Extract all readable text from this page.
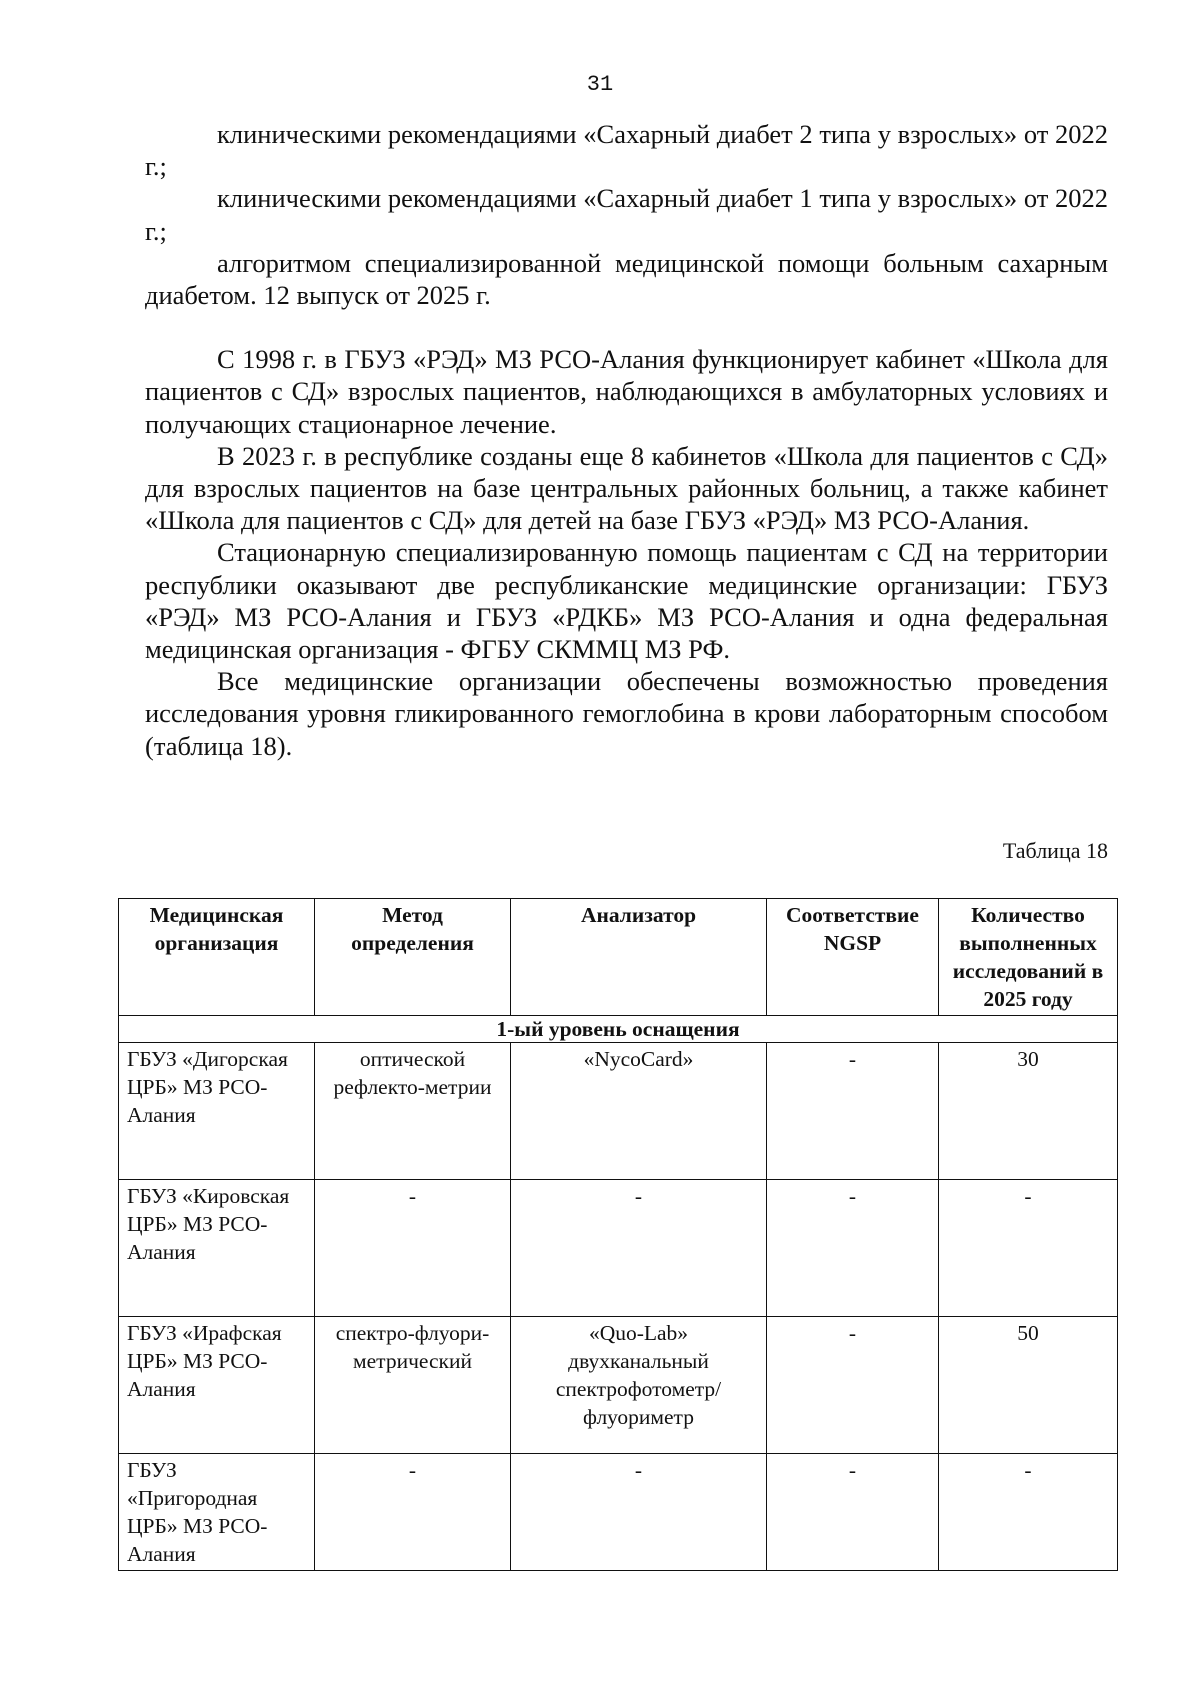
31

клиническими рекомендациями «Сахарный диабет 2 типа у взрослых» от 2022 г.;

клиническими рекомендациями «Сахарный диабет 1 типа у взрослых» от 2022 г.;

алгоритмом специализированной медицинской помощи больным сахарным диабетом. 12 выпуск от 2025 г.

С 1998 г. в ГБУЗ «РЭД» МЗ РСО-Алания функционирует кабинет «Школа для пациентов с СД» взрослых пациентов, наблюдающихся в амбулаторных условиях и получающих стационарное лечение.

В 2023 г. в республике созданы еще 8 кабинетов «Школа для пациентов с СД» для взрослых пациентов на базе центральных районных больниц, а также кабинет «Школа для пациентов с СД» для детей на базе ГБУЗ «РЭД» МЗ РСО-Алания.

Стационарную специализированную помощь пациентам с СД на территории республики оказывают две республиканские медицинские организации: ГБУЗ «РЭД» МЗ РСО-Алания и ГБУЗ «РДКБ» МЗ РСО-Алания и одна федеральная медицинская организация - ФГБУ СКММЦ МЗ РФ.

Все медицинские организации обеспечены возможностью проведения исследования уровня гликированного гемоглобина в крови лабораторным способом (таблица 18).

Таблица 18
Медицинская организация	Метод определения	Анализатор	Соответствие NGSP	Количество выполненных исследований в 2025 году
1-ый уровень оснащения				
ГБУЗ «Дигорская ЦРБ» МЗ РСО-Алания	оптической рефлекто-метрии	«NycoCard»	-	30
ГБУЗ «Кировская ЦРБ» МЗ РСО-Алания	-	-	-	-
ГБУЗ «Ирафская ЦРБ» МЗ РСО-Алания	спектро-флуори-метрический	«Quo-Lab» двухканальный спектрофотометр/ флуориметр	-	50
ГБУЗ «Пригородная ЦРБ» МЗ РСО-Алания	-	-	-	-
